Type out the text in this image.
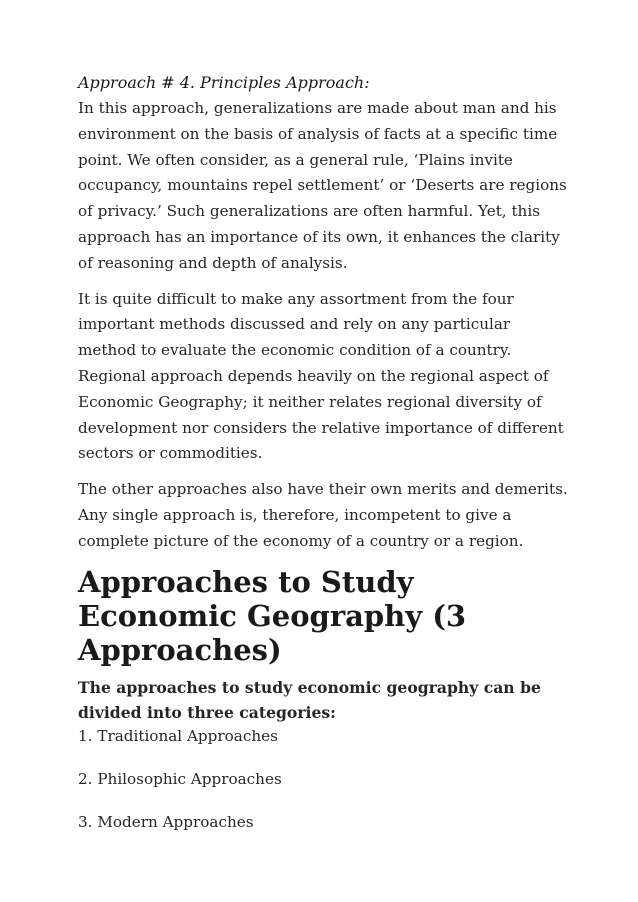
Approach # 4. Principles Approach:

In this approach, generalizations are made about man and his environment on the basis of analysis of facts at a specific time point. We often consider, as a general rule, ‘Plains invite occupancy, mountains repel settlement’ or ‘Deserts are regions of privacy.’ Such generalizations are often harmful. Yet, this approach has an importance of its own, it enhances the clarity of reasoning and depth of analysis.

It is quite difficult to make any assortment from the four important methods discussed and rely on any particular method to evaluate the economic condition of a country. Regional approach depends heavily on the regional aspect of Economic Geography; it neither relates regional diversity of development nor considers the relative importance of different sectors or commodities.

The other approaches also have their own merits and demerits. Any single approach is, therefore, incompetent to give a complete picture of the economy of a country or a region.

Approaches to Study Economic Geography (3 Approaches)
The approaches to study economic geography can be divided into three categories:
1. Traditional Approaches
2. Philosophic Approaches
3. Modern Approaches
